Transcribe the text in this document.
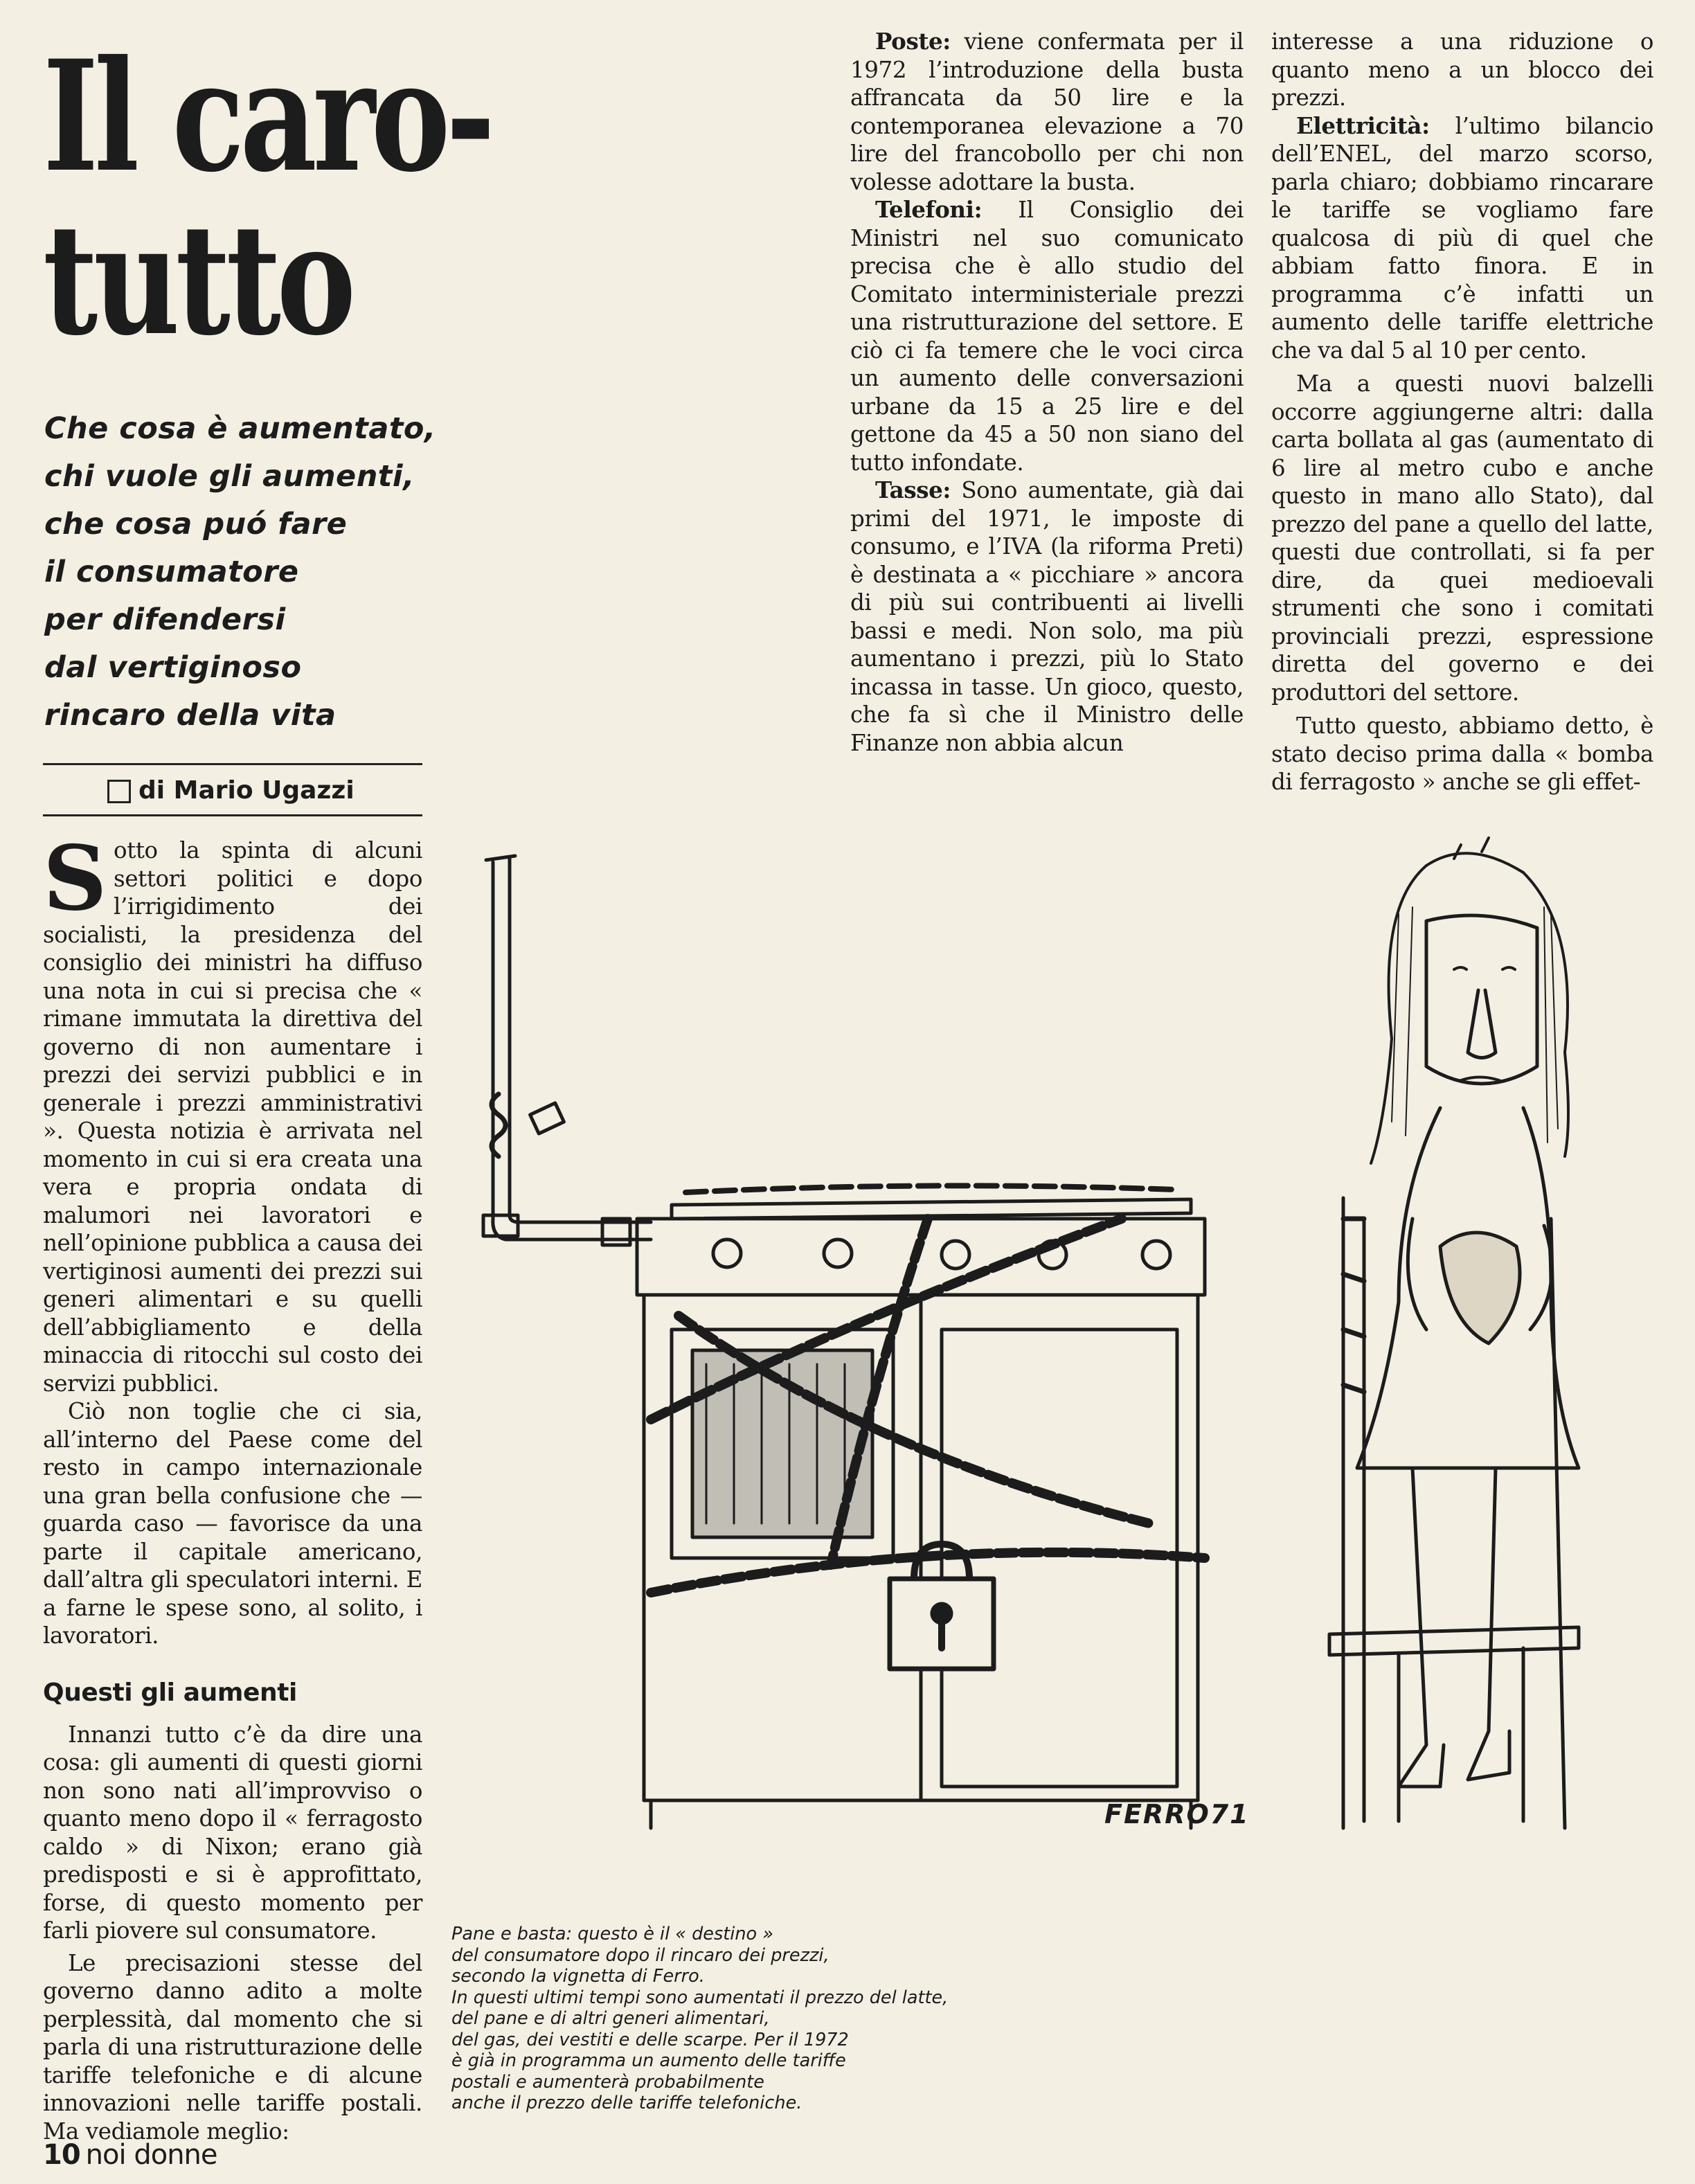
Il caro-
tutto
Che cosa è aumentato,
chi vuole gli aumenti,
che cosa puó fare
il consumatore
per difendersi
dal vertiginoso
rincaro della vita
di Mario Ugazzi

Sotto la spinta di alcuni settori politici e dopo l’irrigidimento dei socialisti, la presidenza del consiglio dei ministri ha diffuso una nota in cui si precisa che « rimane immutata la direttiva del governo di non aumentare i prezzi dei servizi pubblici e in generale i prezzi amministrativi ». Questa notizia è arrivata nel momento in cui si era creata una vera e propria ondata di malumori nei lavoratori e nell’opinione pubblica a causa dei vertiginosi aumenti dei prezzi sui generi alimentari e su quelli dell’abbigliamento e della minaccia di ritocchi sul costo dei servizi pubblici.

Ciò non toglie che ci sia, all’interno del Paese come del resto in campo internazionale una gran bella confusione che — guarda caso — favorisce da una parte il capitale americano, dall’altra gli speculatori interni. E a farne le spese sono, al solito, i lavoratori.

Questi gli aumenti

Innanzi tutto c’è da dire una cosa: gli aumenti di questi giorni non sono nati all’improvviso o quanto meno dopo il « ferragosto caldo » di Nixon; erano già predisposti e si è approfittato, forse, di questo momento per farli piovere sul consumatore.

Le precisazioni stesse del governo danno adito a molte perplessità, dal momento che si parla di una ristrutturazione delle tariffe telefoniche e di alcune innovazioni nelle tariffe postali. Ma vediamole meglio:

Poste: viene confermata per il 1972 l’introduzione della busta affrancata da 50 lire e la contemporanea elevazione a 70 lire del francobollo per chi non volesse adottare la busta.

Telefoni: Il Consiglio dei Ministri nel suo comunicato precisa che è allo studio del Comitato interministeriale prezzi una ristrutturazione del settore. E ciò ci fa temere che le voci circa un aumento delle conversazioni urbane da 15 a 25 lire e del gettone da 45 a 50 non siano del tutto infondate.

Tasse: Sono aumentate, già dai primi del 1971, le imposte di consumo, e l’IVA (la riforma Preti) è destinata a « picchiare » ancora di più sui contribuenti ai livelli bassi e medi. Non solo, ma più aumentano i prezzi, più lo Stato incassa in tasse. Un gioco, questo, che fa sì che il Ministro delle Finanze non abbia alcun

interesse a una riduzione o quanto meno a un blocco dei prezzi.

Elettricità: l’ultimo bilancio dell’ENEL, del marzo scorso, parla chiaro; dobbiamo rincarare le tariffe se vogliamo fare qualcosa di più di quel che abbiam fatto finora. E in programma c’è infatti un aumento delle tariffe elettriche che va dal 5 al 10 per cento.

Ma a questi nuovi balzelli occorre aggiungerne altri: dalla carta bollata al gas (aumentato di 6 lire al metro cubo e anche questo in mano allo Stato), dal prezzo del pane a quello del latte, questi due controllati, si fa per dire, da quei medioevali strumenti che sono i comitati provinciali prezzi, espressione diretta del governo e dei produttori del settore.

Tutto questo, abbiamo detto, è stato deciso prima dalla « bomba di ferragosto » anche se gli effet-

FERRO71
Pane e basta: questo è il « destino »
del consumatore dopo il rincaro dei prezzi,
secondo la vignetta di Ferro.
In questi ultimi tempi sono aumentati il prezzo del latte,
del pane e di altri generi alimentari,
del gas, dei vestiti e delle scarpe. Per il 1972
è già in programma un aumento delle tariffe
postali e aumenterà probabilmente
anche il prezzo delle tariffe telefoniche.
10 noi donne
